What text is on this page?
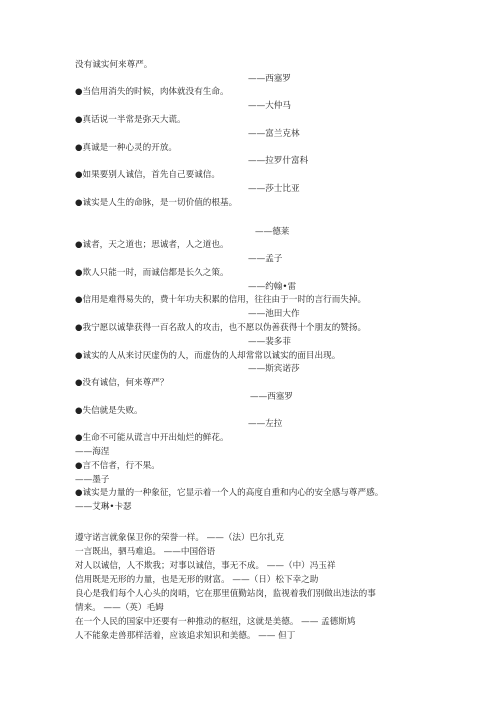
没有诚实何来尊严。
——西塞罗
●当信用消失的时候，肉体就没有生命。
——大仲马
●真话说一半常是弥天大谎。
——富兰克林
●真诚是一种心灵的开放。
——拉罗什富科
●如果要别人诚信，首先自己要诚信。
——莎士比亚
●诚实是人生的命脉，是一切价值的根基。
——德莱
●诚者，天之道也；思诚者，人之道也。
——孟子
●欺人只能一时，而诚信都是长久之策。
——约翰•雷
●信用是难得易失的，费十年功夫积累的信用，往往由于一时的言行而失掉。
——池田大作
●我宁愿以诚挚获得一百名敌人的攻击，也不愿以伪善获得十个朋友的赞扬。
——裴多菲
●诚实的人从来讨厌虚伪的人，而虚伪的人却常常以诚实的面目出现。
——斯宾诺莎
●没有诚信，何来尊严？
——西塞罗
●失信就是失败。
——左拉
●生命不可能从谎言中开出灿烂的鲜花。
——海涅
●言不信者，行不果。
——墨子
●诚实是力量的一种象征，它显示着一个人的高度自重和内心的安全感与尊严感。
——艾琳•卡瑟
遵守诺言就象保卫你的荣誉一样。 ——（法）巴尔扎克
一言既出，驷马难追。 ——中国俗语
对人以诚信，人不欺我；对事以诚信，事无不成。 ——（中）冯玉祥
信用既是无形的力量，也是无形的财富。 ——（日）松下幸之助
良心是我们每个人心头的岗哨，它在那里值勤站岗，监视着我们别做出违法的事
情来。 ——（英）毛姆
在一个人民的国家中还要有一种推动的枢纽，这就是美德。 —— 孟德斯鸠
人不能象走兽那样活着，应该追求知识和美德。 —— 但丁
